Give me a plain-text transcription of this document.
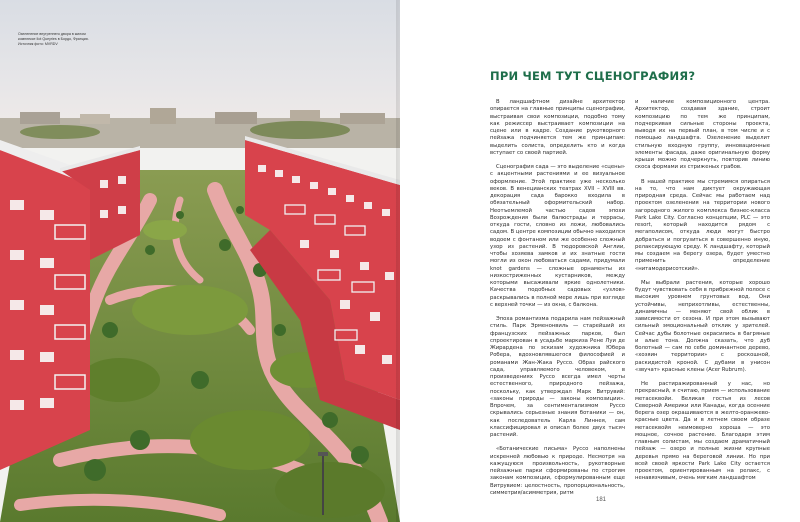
Озеленение внутреннего двора в жилом
комплексе Ilot Queyries в Бордо, Франция.
Источник фото: MVRDV
ПРИ ЧЕМ ТУТ СЦЕНОГРАФИЯ?

В ландшафтном дизайне архитектор опирается на главные принципы сценографии, выстраивая свои композиции, подобно тому как режиссер выстраивает композиции на сцене или в кадре. Создание рукотворного пейзажа подчиняется тем же принципам: выделить солиста, определить кто и когда вступает со своей партией.

Сценография сада — это выделение «сцены» с акцентными растениями и ее визуальное оформление. Этой практике уже несколько веков. В венецианских театрах XVII – XVIII вв. декорация сада барокко входила в обязательный оформительский набор. Неотъемлемой частью садов эпохи Возрождения были балюстрады и террасы, откуда гости, словно из ложи, любовались садом. В центре композиции обычно находился водоем с фонтаном или же особенно сложный узор из растений. В тюдоровской Англии, чтобы хозяева замков и их знатные гости могли из окон любоваться садами, придумали knot gardens — сложные орнаменты из низкостриженных кустарников, между которыми высаживали яркие однолетники. Качества подобных садовых «узлов» раскрывались в полной мере лишь при взгляде с верхней точки — из окна, с балкона.

Эпоха романтизма подарила нам пейзажный стиль. Парк Эрменонвиль — старейший из французских пейзажных парков, был спроектирован в усадьбе маркиза Рене Луи де Жирардена по эскизам художника Юбера Робера, вдохновлявшегося философией и романами Жан-Жака Руссо. Образ райского сада, управляемого человеком, в произведениях Руссо всегда имел черты естественного, природного пейзажа, поскольку, как утверждал Марк Витрувий: «законы природы — законы композиции». Впрочем, за сентиментализмом Руссо скрывались серьезные знания ботаники — он, как последователь Карла Линнея, сам классифицировал и описал более двух тысяч растений.

«Ботанические письма» Руссо наполнены искренней любовью к природе. Несмотря на кажущуюся произвольность, рукотворные пейзажные парки сформированы по строгим законам композиции, сформулированным еще Витрувием: целостность, пропорциональность, симметрия/асимметрия, ритм

и наличие композиционного центра. Архитектор, создавая здание, строит композицию по тем же принципам, подчеркивая сильные стороны проекта, выводя их на первый план, в том числе и с помощью ландшафта. Озеленение выделит стильную входную группу, инновационные элементы фасада, даже оригинальную форму крыши можно подчеркнуть, повторив линию скоса формами из стриженых грабов.

В нашей практике мы стремимся опираться на то, что нам диктует окружающая природная среда. Сейчас мы работаем над проектом озеленения на территории нового загородного жилого комплекса бизнес-класса Park Lake City. Согласно концепции, PLC — это resort, который находится рядом с мегаполисом, откуда люди могут быстро добраться и погрузиться в совершенно иную, релаксирующую среду. К ландшафту, который мы создаем на берегу озера, будет уместно применить определение «нитамодерисотский».

Мы выбрали растения, которые хорошо будут чувствовать себя в прибрежной полосе с высоким уровнем грунтовых вод. Они устойчивы, неприхотливы, естественны, динамичны — меняют свой облик в зависимости от сезона. И при этом вызывают сильный эмоциональный отклик у зрителей. Сейчас дубы болотные окрасились в багряные и алые тона. Должна сказать, что дуб болотный — сам по себе доминантное дерево, «хозяин территории» с роскошной, раскидистой кроной. С дубами в унисон «звучат» красные клены (Acer Rubrum).

Не растиражированный у нас, но прекрасный, я считаю, прием — использование метасеквойи. Великая гостья из лесов Северной Америки или Канады, когда осенние берега озер окрашиваются в желто-оранжево-красные цвета. Да и в летнем своем образе метасеквойя неимоверно хороша — это мощное, сочное растение. Благодаря этим главным солистам, мы создаем драматичный пейзаж — озеро и полные жизни крупные деревья прямо на береговой линии. Но при всей своей яркости Park Lake City остается проектом, ориентированным на релакс, с ненавязчивым, очень мягким ландшафтом

181
